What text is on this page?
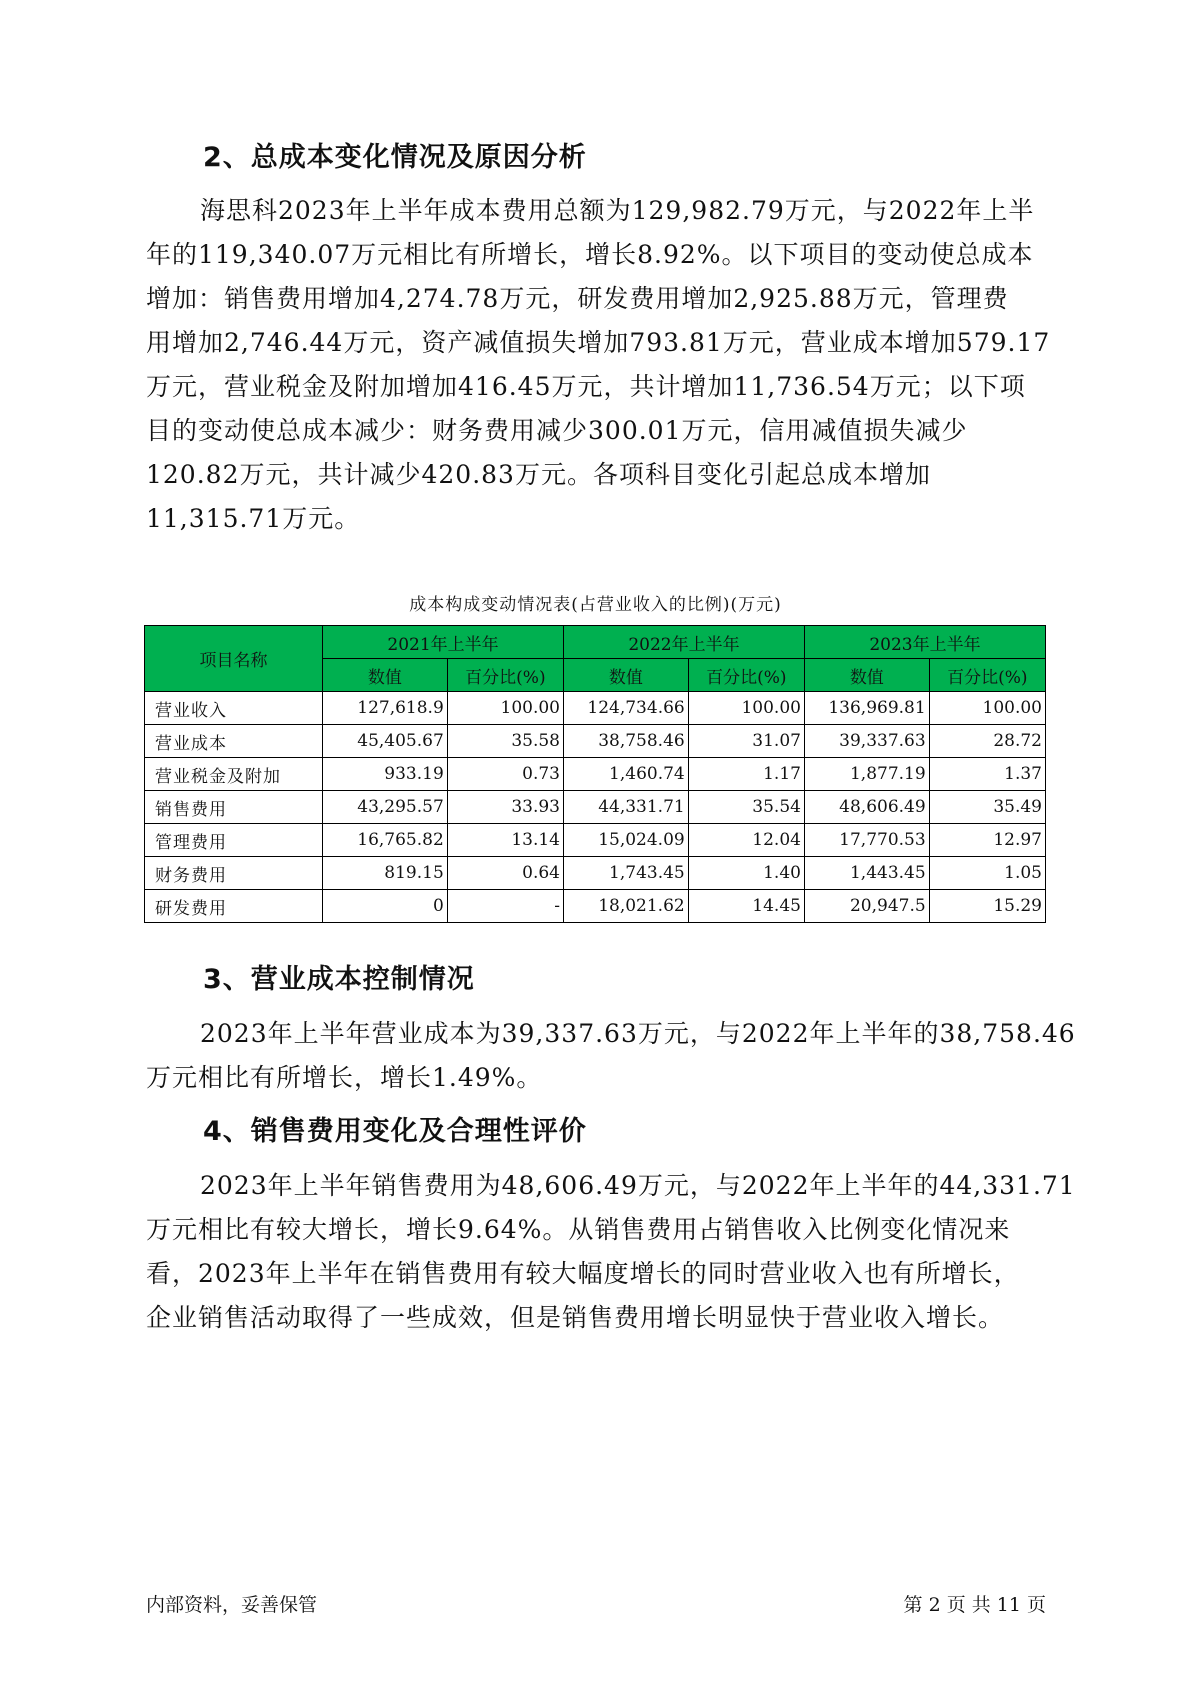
2、总成本变化情况及原因分析
海思科2023年上半年成本费用总额为129,982.79万元，与2022年上半
年的119,340.07万元相比有所增长，增长8.92%。以下项目的变动使总成本
增加：销售费用增加4,274.78万元，研发费用增加2,925.88万元，管理费
用增加2,746.44万元，资产减值损失增加793.81万元，营业成本增加579.17
万元，营业税金及附加增加416.45万元，共计增加11,736.54万元；以下项
目的变动使总成本减少：财务费用减少300.01万元，信用减值损失减少
120.82万元，共计减少420.83万元。各项科目变化引起总成本增加
11,315.71万元。
成本构成变动情况表(占营业收入的比例)(万元)
项目名称	2021年上半年		2022年上半年		2023年上半年	
	数值	百分比(%)	数值	百分比(%)	数值	百分比(%)
营业收入	127,618.9	100.00	124,734.66	100.00	136,969.81	100.00
营业成本	45,405.67	35.58	38,758.46	31.07	39,337.63	28.72
营业税金及附加	933.19	0.73	1,460.74	1.17	1,877.19	1.37
销售费用	43,295.57	33.93	44,331.71	35.54	48,606.49	35.49
管理费用	16,765.82	13.14	15,024.09	12.04	17,770.53	12.97
财务费用	819.15	0.64	1,743.45	1.40	1,443.45	1.05
研发费用	0	-	18,021.62	14.45	20,947.5	15.29
3、营业成本控制情况
2023年上半年营业成本为39,337.63万元，与2022年上半年的38,758.46
万元相比有所增长，增长1.49%。
4、销售费用变化及合理性评价
2023年上半年销售费用为48,606.49万元，与2022年上半年的44,331.71
万元相比有较大增长，增长9.64%。从销售费用占销售收入比例变化情况来
看，2023年上半年在销售费用有较大幅度增长的同时营业收入也有所增长，
企业销售活动取得了一些成效，但是销售费用增长明显快于营业收入增长。
内部资料，妥善保管	第 2 页 共 11 页
